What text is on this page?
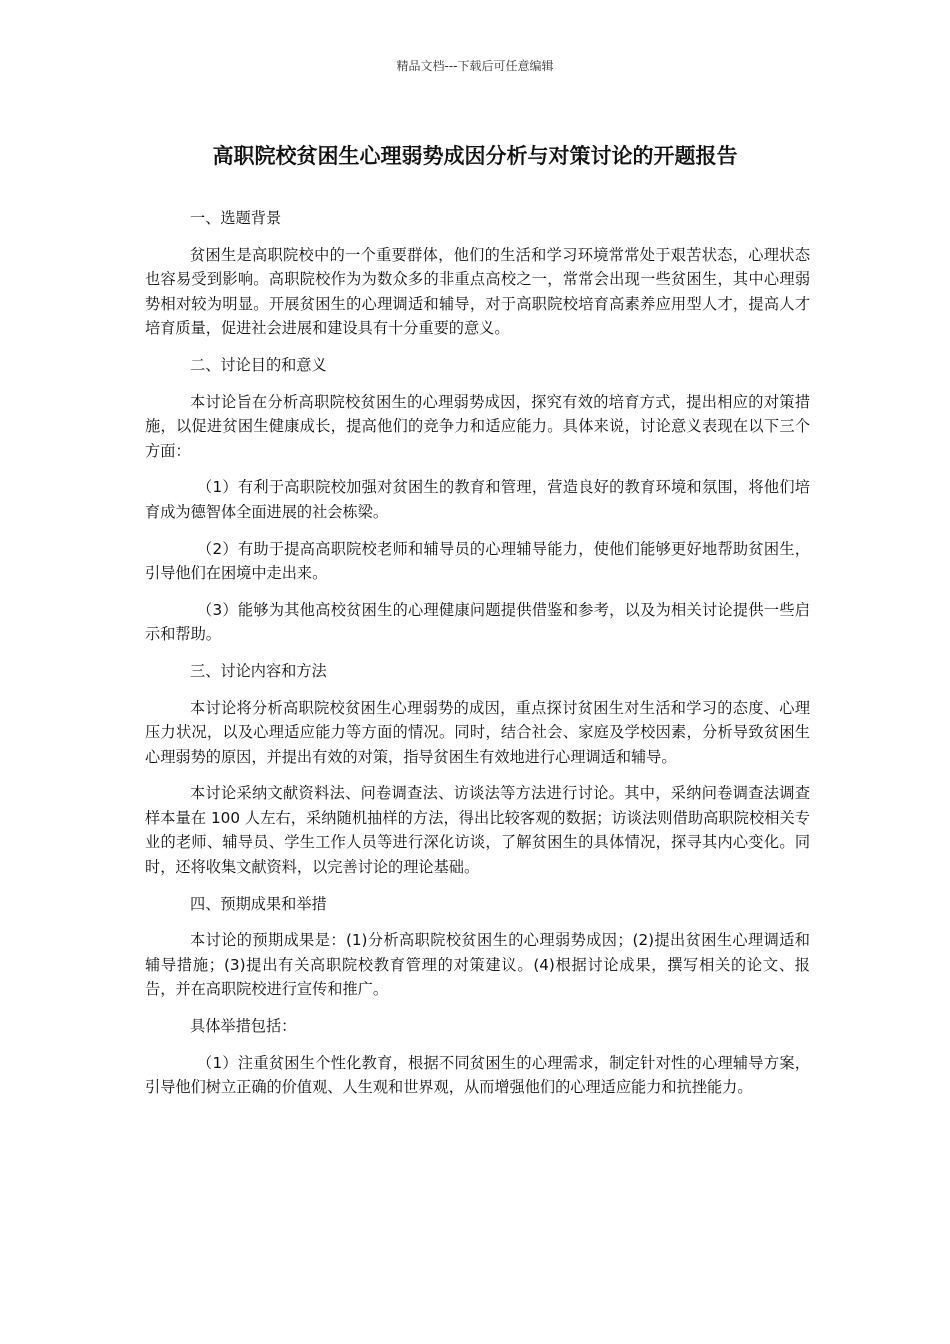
精品文档---下载后可任意编辑
高职院校贫困生心理弱势成因分析与对策讨论的开题报告

一、选题背景

贫困生是高职院校中的一个重要群体，他们的生活和学习环境常常处于艰苦状态，心理状态也容易受到影响。高职院校作为为数众多的非重点高校之一，常常会出现一些贫困生，其中心理弱势相对较为明显。开展贫困生的心理调适和辅导，对于高职院校培育高素养应用型人才，提高人才培育质量，促进社会进展和建设具有十分重要的意义。

二、讨论目的和意义

本讨论旨在分析高职院校贫困生的心理弱势成因，探究有效的培育方式，提出相应的对策措施，以促进贫困生健康成长，提高他们的竞争力和适应能力。具体来说，讨论意义表现在以下三个方面：

（1）有利于高职院校加强对贫困生的教育和管理，营造良好的教育环境和氛围，将他们培育成为德智体全面进展的社会栋梁。

（2）有助于提高高职院校老师和辅导员的心理辅导能力，使他们能够更好地帮助贫困生，引导他们在困境中走出来。

（3）能够为其他高校贫困生的心理健康问题提供借鉴和参考，以及为相关讨论提供一些启示和帮助。

三、讨论内容和方法

本讨论将分析高职院校贫困生心理弱势的成因，重点探讨贫困生对生活和学习的态度、心理压力状况，以及心理适应能力等方面的情况。同时，结合社会、家庭及学校因素，分析导致贫困生心理弱势的原因，并提出有效的对策，指导贫困生有效地进行心理调适和辅导。

本讨论采纳文献资料法、问卷调查法、访谈法等方法进行讨论。其中，采纳问卷调查法调查样本量在 100 人左右，采纳随机抽样的方法，得出比较客观的数据；访谈法则借助高职院校相关专业的老师、辅导员、学生工作人员等进行深化访谈，了解贫困生的具体情况，探寻其内心变化。同时，还将收集文献资料，以完善讨论的理论基础。

四、预期成果和举措

本讨论的预期成果是：(1)分析高职院校贫困生的心理弱势成因；(2)提出贫困生心理调适和辅导措施；(3)提出有关高职院校教育管理的对策建议。(4)根据讨论成果，撰写相关的论文、报告，并在高职院校进行宣传和推广。

具体举措包括：

（1）注重贫困生个性化教育，根据不同贫困生的心理需求，制定针对性的心理辅导方案，引导他们树立正确的价值观、人生观和世界观，从而增强他们的心理适应能力和抗挫能力。
